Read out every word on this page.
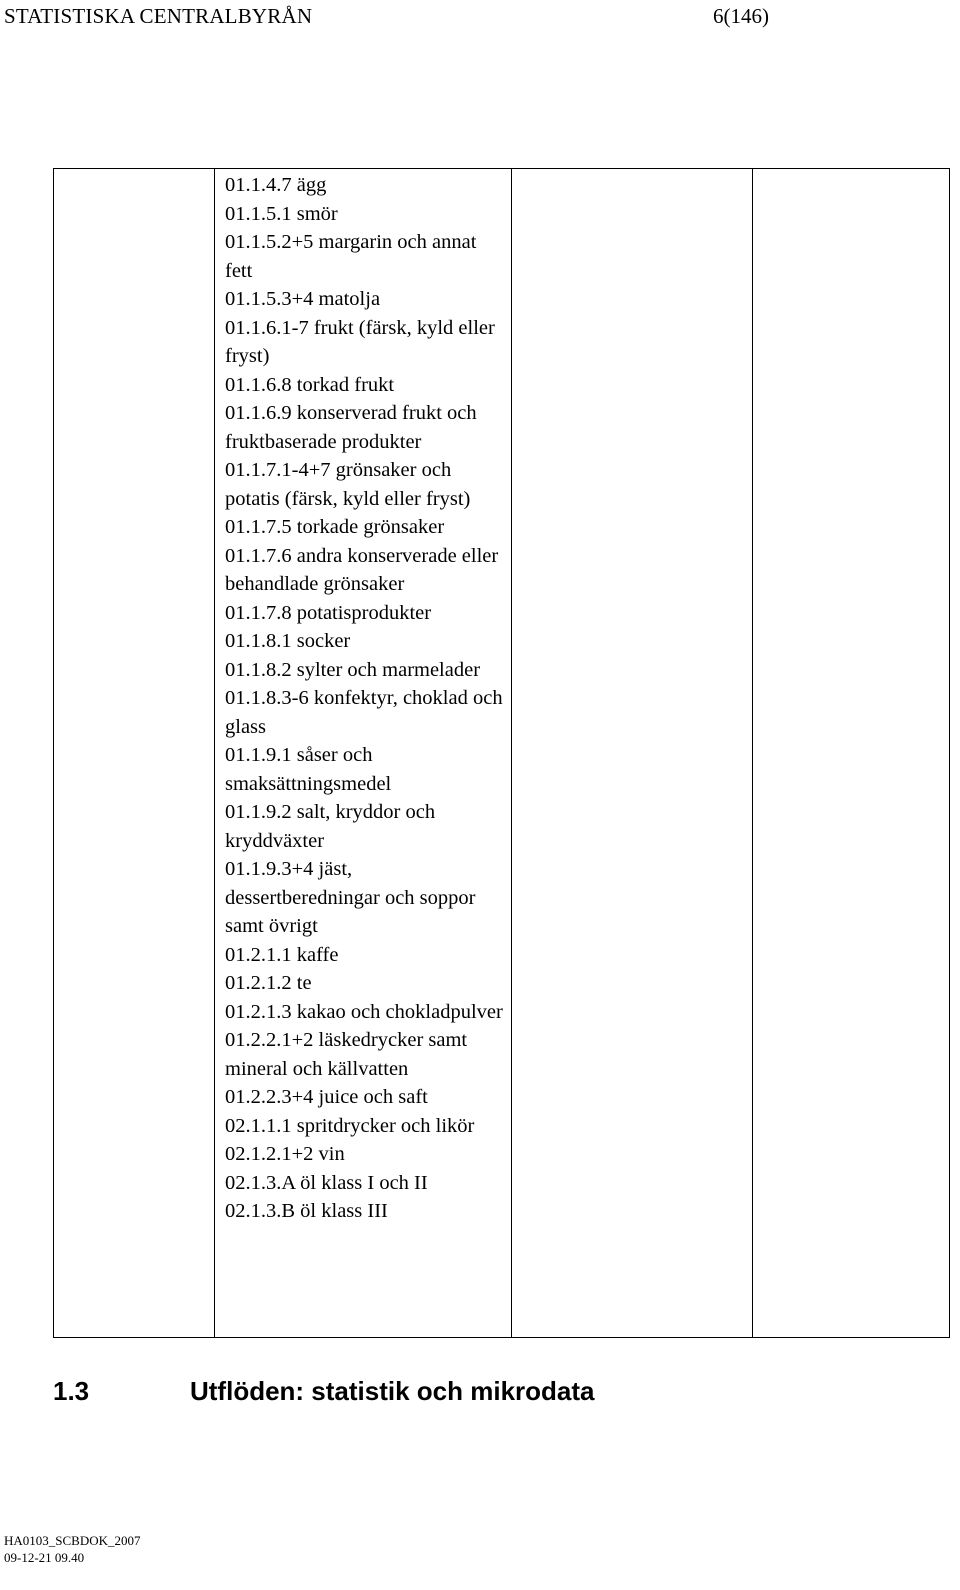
STATISTISKA CENTRALBYRÅN	6(146)

01.1.4.7 ägg
01.1.5.1 smör
01.1.5.2+5 margarin och annat fett
01.1.5.3+4 matolja
01.1.6.1-7 frukt (färsk, kyld eller fryst)
01.1.6.8 torkad frukt
01.1.6.9 konserverad frukt och fruktbaserade produkter
01.1.7.1-4+7 grönsaker och potatis (färsk, kyld eller fryst)
01.1.7.5 torkade grönsaker
01.1.7.6 andra konserverade eller behandlade grönsaker
01.1.7.8 potatisprodukter
01.1.8.1 socker
01.1.8.2 sylter och marmelader
01.1.8.3-6 konfektyr, choklad och glass
01.1.9.1 såser och smaksättningsmedel
01.1.9.2 salt, kryddor och kryddväxter
01.1.9.3+4 jäst, dessertberedningar och soppor samt övrigt
01.2.1.1 kaffe
01.2.1.2 te
01.2.1.3 kakao och chokladpulver
01.2.2.1+2 läskedrycker samt mineral och källvatten
01.2.2.3+4 juice och saft
02.1.1.1 spritdrycker och likör
02.1.2.1+2 vin
02.1.3.A öl klass I och II
02.1.3.B öl klass III

1.3	Utflöden: statistik och mikrodata
HA0103_SCBDOK_2007
09-12-21 09.40
